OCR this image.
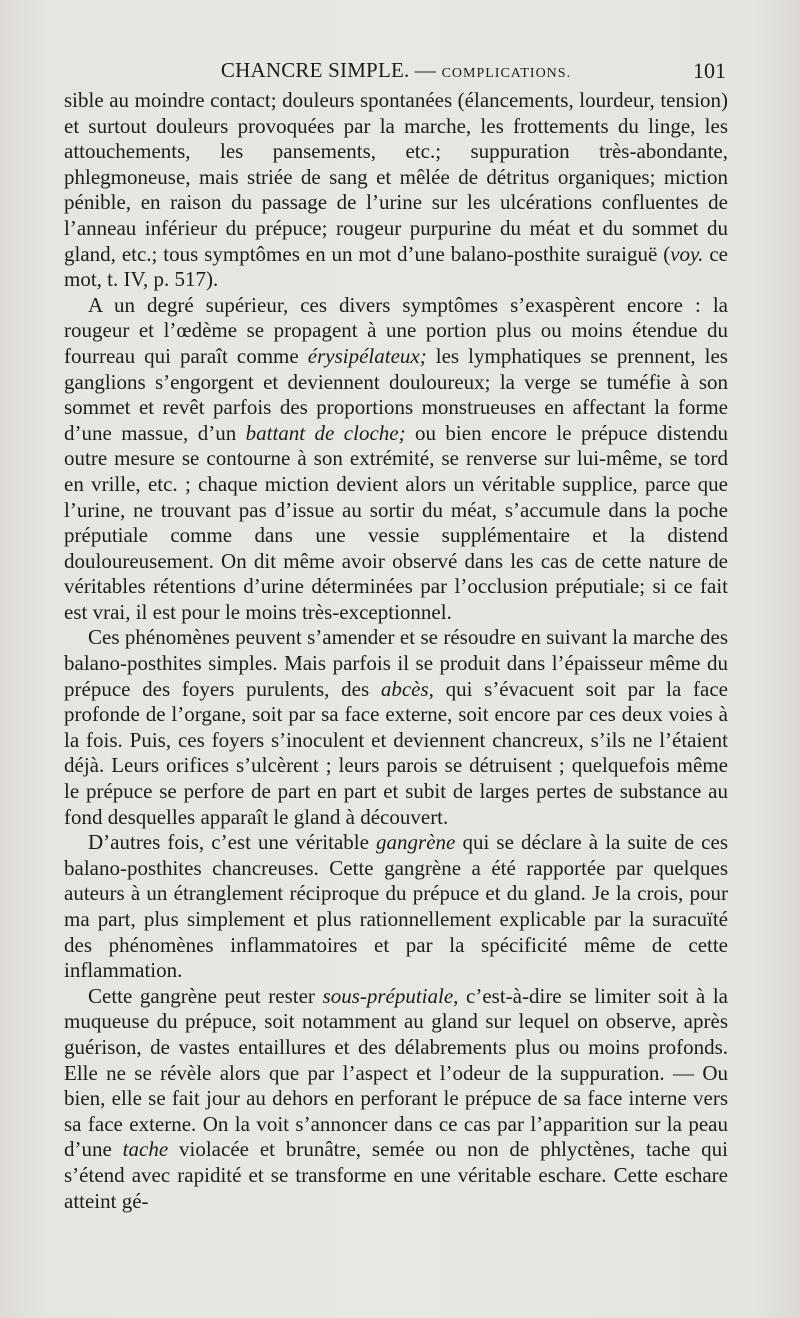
CHANCRE SIMPLE. — COMPLICATIONS.	101

sible au moindre contact; douleurs spontanées (élancements, lourdeur, tension) et surtout douleurs provoquées par la marche, les frottements du linge, les attouchements, les pansements, etc.; suppuration très-abondante, phlegmoneuse, mais striée de sang et mêlée de détritus organiques; miction pénible, en raison du passage de l’urine sur les ulcérations confluentes de l’anneau inférieur du prépuce; rougeur purpurine du méat et du sommet du gland, etc.; tous symptômes en un mot d’une balano-posthite suraiguë (voy. ce mot, t. IV, p. 517).

A un degré supérieur, ces divers symptômes s’exaspèrent encore : la rougeur et l’œdème se propagent à une portion plus ou moins étendue du fourreau qui paraît comme érysipélateux; les lymphatiques se prennent, les ganglions s’engorgent et deviennent douloureux; la verge se tuméfie à son sommet et revêt parfois des proportions monstrueuses en affectant la forme d’une massue, d’un battant de cloche; ou bien encore le prépuce distendu outre mesure se contourne à son extrémité, se renverse sur lui-même, se tord en vrille, etc. ; chaque miction devient alors un véritable supplice, parce que l’urine, ne trouvant pas d’issue au sortir du méat, s’accumule dans la poche préputiale comme dans une vessie supplémentaire et la distend douloureusement. On dit même avoir observé dans les cas de cette nature de véritables rétentions d’urine déterminées par l’occlusion préputiale; si ce fait est vrai, il est pour le moins très-exceptionnel.

Ces phénomènes peuvent s’amender et se résoudre en suivant la marche des balano-posthites simples. Mais parfois il se produit dans l’épaisseur même du prépuce des foyers purulents, des abcès, qui s’évacuent soit par la face profonde de l’organe, soit par sa face externe, soit encore par ces deux voies à la fois. Puis, ces foyers s’inoculent et deviennent chancreux, s’ils ne l’étaient déjà. Leurs orifices s’ulcèrent ; leurs parois se détruisent ; quelquefois même le prépuce se perfore de part en part et subit de larges pertes de substance au fond desquelles apparaît le gland à découvert.

D’autres fois, c’est une véritable gangrène qui se déclare à la suite de ces balano-posthites chancreuses. Cette gangrène a été rapportée par quelques auteurs à un étranglement réciproque du prépuce et du gland. Je la crois, pour ma part, plus simplement et plus rationnellement explicable par la suracuïté des phénomènes inflammatoires et par la spécificité même de cette inflammation.

Cette gangrène peut rester sous-préputiale, c’est-à-dire se limiter soit à la muqueuse du prépuce, soit notamment au gland sur lequel on observe, après guérison, de vastes entaillures et des délabrements plus ou moins profonds. Elle ne se révèle alors que par l’aspect et l’odeur de la suppuration. — Ou bien, elle se fait jour au dehors en perforant le prépuce de sa face interne vers sa face externe. On la voit s’annoncer dans ce cas par l’apparition sur la peau d’une tache violacée et brunâtre, semée ou non de phlyctènes, tache qui s’étend avec rapidité et se transforme en une véritable eschare. Cette eschare atteint gé-
